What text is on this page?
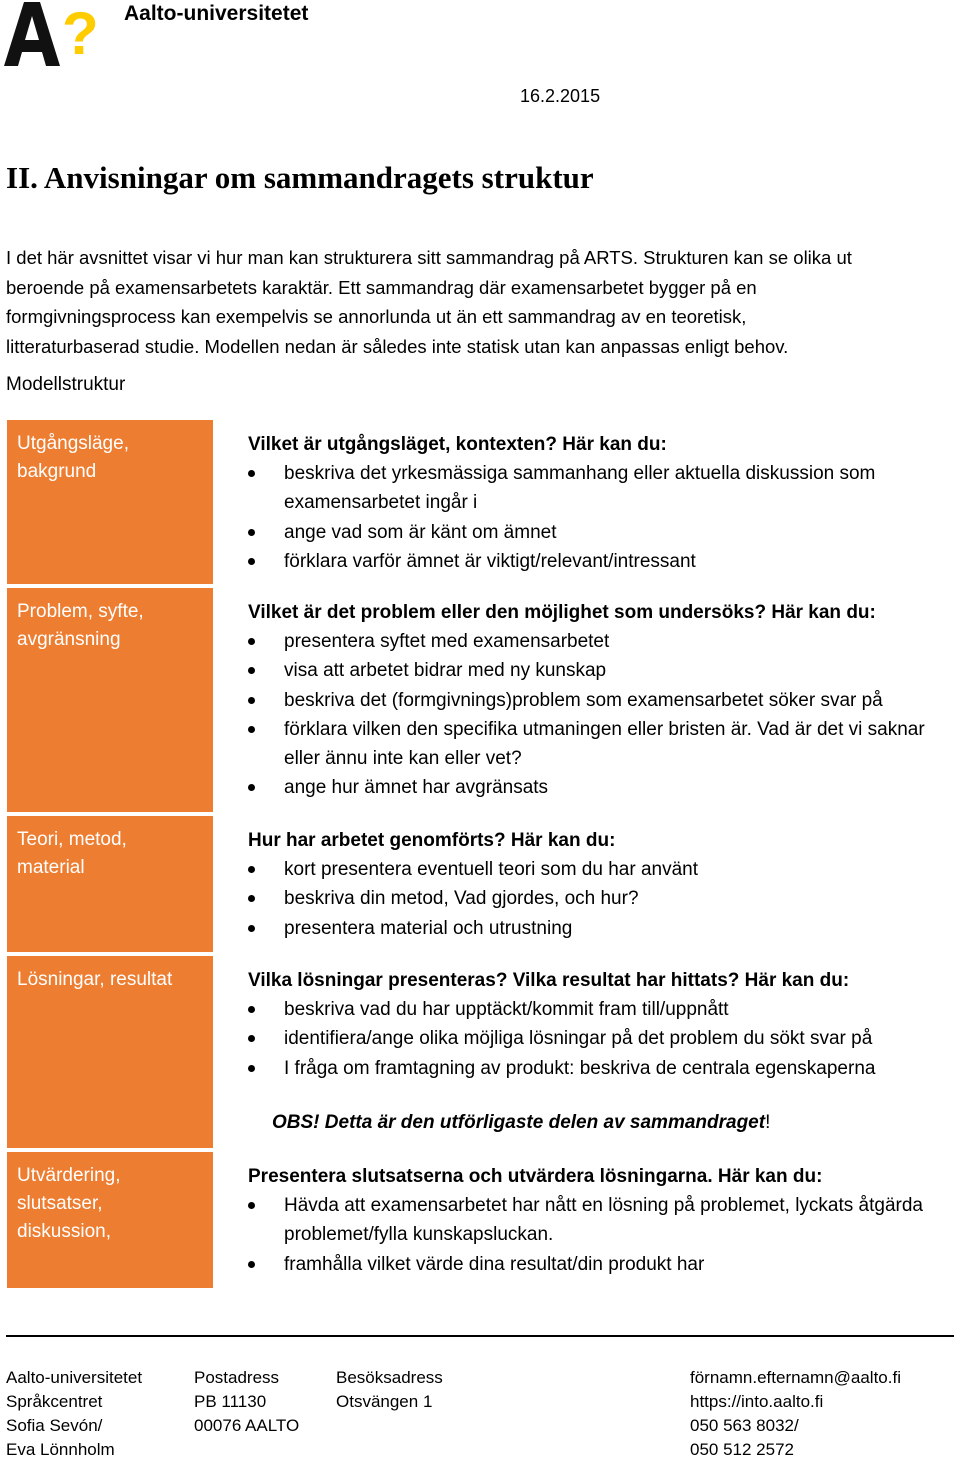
? Aalto-universitetet
16.2.2015
II. Anvisningar om sammandragets struktur
I det här avsnittet visar vi hur man kan strukturera sitt sammandrag på ARTS. Strukturen kan se olika ut
beroende på examensarbetets karaktär. Ett sammandrag där examensarbetet bygger på en
formgivningsprocess kan exempelvis se annorlunda ut än ett sammandrag av en teoretisk,
litteraturbaserad studie. Modellen nedan är således inte statisk utan kan anpassas enligt behov.
Modellstruktur
Utgångsläge,
bakgrund
Problem, syfte,
avgränsning
Teori, metod,
material
Lösningar, resultat
Utvärdering,
slutsatser,
diskussion,
Vilket är utgångsläget, kontexten? Här kan du:
beskriva det yrkesmässiga sammanhang eller aktuella diskussion som examensarbetet ingår i
ange vad som är känt om ämnet
förklara varför ämnet är viktigt/relevant/intressant
Vilket är det problem eller den möjlighet som undersöks? Här kan du:
presentera syftet med examensarbetet
visa att arbetet bidrar med ny kunskap
beskriva det (formgivnings)problem som examensarbetet söker svar på
förklara vilken den specifika utmaningen eller bristen är. Vad är det vi saknar eller ännu inte kan eller vet?
ange hur ämnet har avgränsats
Hur har arbetet genomförts? Här kan du:
kort presentera eventuell teori som du har använt
beskriva din metod, Vad gjordes, och hur?
presentera material och utrustning
Vilka lösningar presenteras? Vilka resultat har hittats? Här kan du:
beskriva vad du har upptäckt/kommit fram till/uppnått
identifiera/ange olika möjliga lösningar på det problem du sökt svar på
I fråga om framtagning av produkt: beskriva de centrala egenskaperna
OBS! Detta är den utförligaste delen av sammandraget!
Presentera slutsatserna och utvärdera lösningarna. Här kan du:
Hävda att examensarbetet har nått en lösning på problemet, lyckats åtgärda problemet/fylla kunskapsluckan.
framhålla vilket värde dina resultat/din produkt har
Aalto-universitetet
Språkcentret
Sofia Sevón/
Eva Lönnholm
Postadress
PB 11130
00076 AALTO
Besöksadress
Otsvängen 1
förnamn.efternamn@aalto.fi
https://into.aalto.fi
050 563 8032/
050 512 2572
